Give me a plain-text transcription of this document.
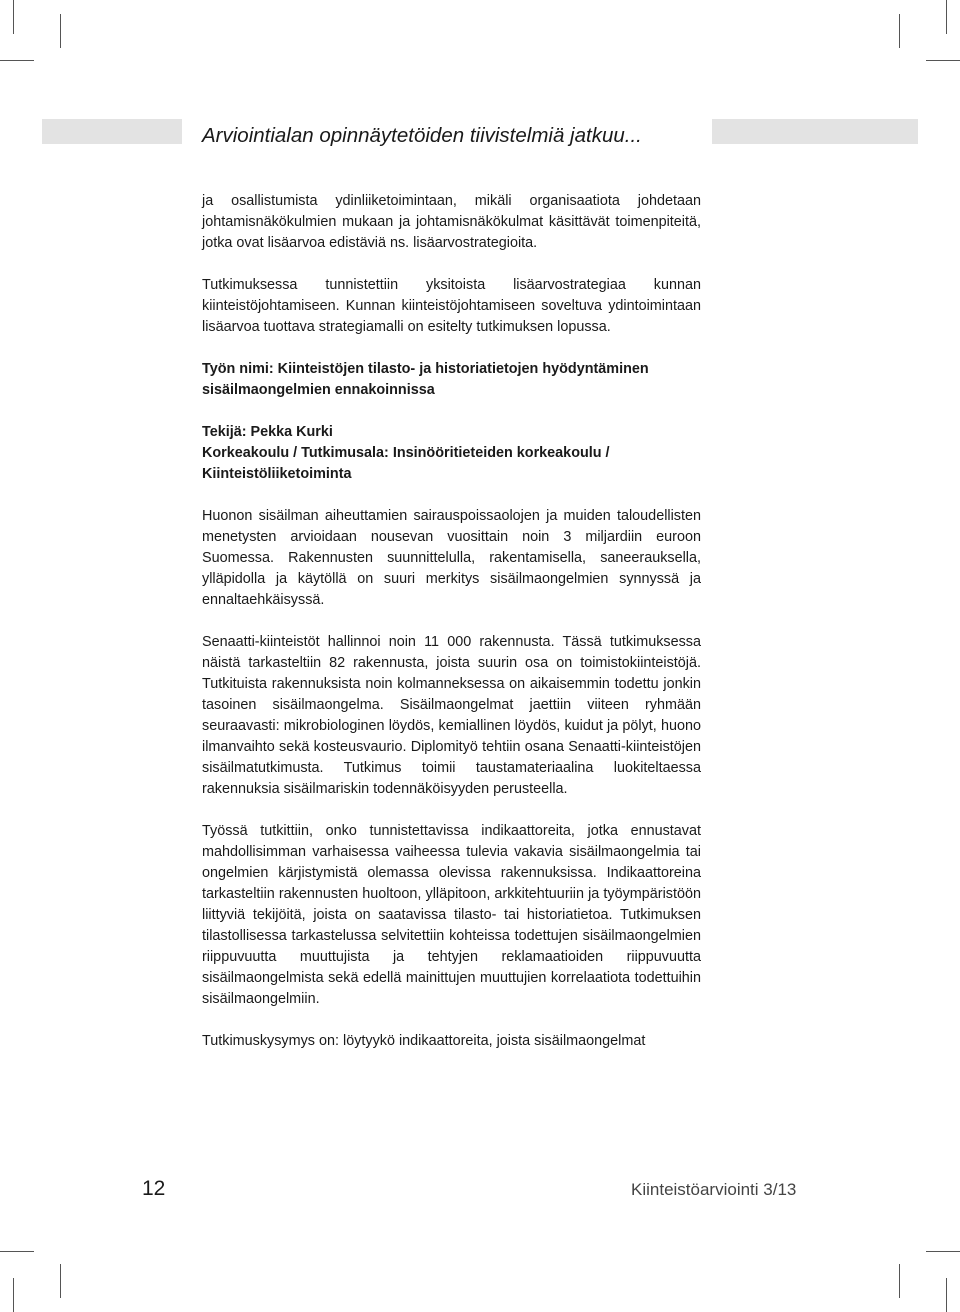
Arviointialan opinnäytetöiden tiivistelmiä jatkuu...

ja osallistumista ydinliiketoimintaan, mikäli organisaatiota johdetaan johtamisnäkökulmien mukaan ja johtamisnäkökulmat käsittävät toimenpiteitä, jotka ovat lisäarvoa edistäviä ns. lisäarvostrategioita.

Tutkimuksessa tunnistettiin yksitoista lisäarvostrategiaa kunnan kiinteistöjohtamiseen. Kunnan kiinteistöjohtamiseen soveltuva ydintoimintaan lisäarvoa tuottava strategiamalli on esitelty tutkimuksen lopussa.

Työn nimi: Kiinteistöjen tilasto- ja historiatietojen hyödyntäminen sisäilmaongelmien ennakoinnissa

Tekijä: Pekka Kurki

Korkeakoulu / Tutkimusala: Insinööritieteiden korkeakoulu / Kiinteistöliiketoiminta

Huonon sisäilman aiheuttamien sairauspoissaolojen ja muiden taloudellisten menetysten arvioidaan nousevan vuosittain noin 3 miljardiin euroon Suomessa. Rakennusten suunnittelulla, rakentamisella, saneerauksella, ylläpidolla ja käytöllä on suuri merkitys sisäilmaongelmien synnyssä ja ennaltaehkäisyssä.

Senaatti-kiinteistöt hallinnoi noin 11 000 rakennusta. Tässä tutkimuksessa näistä tarkasteltiin 82 rakennusta, joista suurin osa on toimistokiinteistöjä. Tutkituista rakennuksista noin kolmanneksessa on aikaisemmin todettu jonkin tasoinen sisäilmaongelma. Sisäilmaongelmat jaettiin viiteen ryhmään seuraavasti: mikrobiologinen löydös, kemiallinen löydös, kuidut ja pölyt, huono ilmanvaihto sekä kosteusvaurio. Diplomityö tehtiin osana Senaatti-kiinteistöjen sisäilmatutkimusta. Tutkimus toimii taustamateriaalina luokiteltaessa rakennuksia sisäilmariskin todennäköisyyden perusteella.

Työssä tutkittiin, onko tunnistettavissa indikaattoreita, jotka ennustavat mahdollisimman varhaisessa vaiheessa tulevia vakavia sisäilmaongelmia tai ongelmien kärjistymistä olemassa olevissa rakennuksissa. Indikaattoreina tarkasteltiin rakennusten huoltoon, ylläpitoon, arkkitehtuuriin ja työympäristöön liittyviä tekijöitä, joista on saatavissa tilasto- tai historiatietoa. Tutkimuksen tilastollisessa tarkastelussa selvitettiin kohteissa todettujen sisäilmaongelmien riippuvuutta muuttujista ja tehtyjen reklamaatioiden riippuvuutta sisäilmaongelmista sekä edellä mainittujen muuttujien korrelaatiota todettuihin sisäilmaongelmiin.

Tutkimuskysymys on: löytyykö indikaattoreita, joista sisäilmaongelmat

12	Kiinteistöarviointi 3/13
